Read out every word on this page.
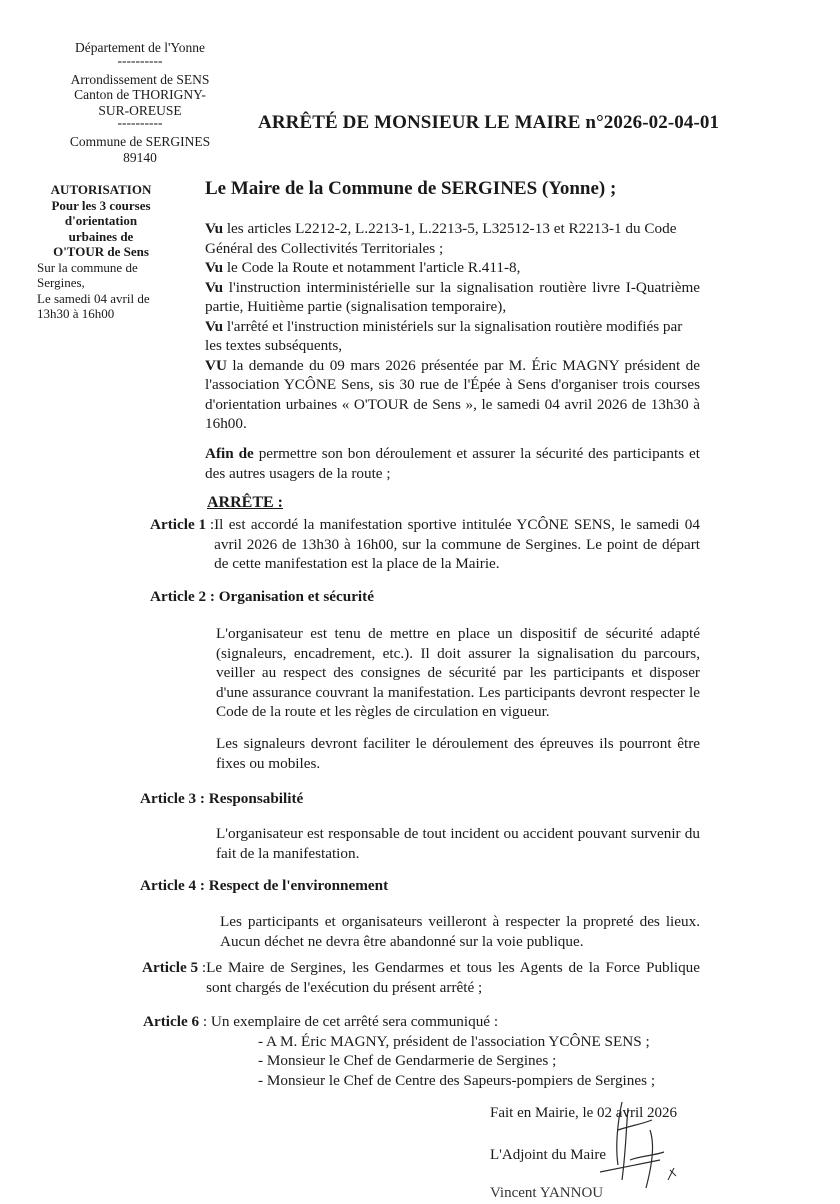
Département de l'Yonne
----------
Arrondissement de SENS
Canton de THORIGNY-
SUR-OREUSE
----------
Commune de SERGINES
89140
ARRÊTÉ DE MONSIEUR LE MAIRE n°2026-02-04-01
AUTORISATION
Pour les 3 courses
d'orientation
urbaines de
O'TOUR de Sens
Sur la commune de
Sergines,
Le samedi 04 avril de
13h30 à 16h00
Le Maire de la Commune de SERGINES (Yonne) ;
Vu les articles L2212-2, L.2213-1, L.2213-5, L32512-13 et R2213-1 du Code Général des Collectivités Territoriales ;
Vu le Code la Route et notamment l'article R.411-8,
Vu l'instruction interministérielle sur la signalisation routière livre I-Quatrième partie, Huitième partie (signalisation temporaire),
Vu l'arrêté et l'instruction ministériels sur la signalisation routière modifiés par les textes subséquents,
VU la demande du 09 mars 2026 présentée par M. Éric MAGNY président de l'association YCÔNE Sens, sis 30 rue de l'Épée à Sens d'organiser trois courses d'orientation urbaines « O'TOUR de Sens », le samedi 04 avril 2026 de 13h30 à 16h00.
Afin de permettre son bon déroulement et assurer la sécurité des participants et des autres usagers de la route ;
ARRÊTE :
Article 1 : Il est accordé la manifestation sportive intitulée YCÔNE SENS, le samedi 04 avril 2026 de 13h30 à 16h00, sur la commune de Sergines. Le point de départ de cette manifestation est la place de la Mairie.
Article 2 : Organisation et sécurité
L'organisateur est tenu de mettre en place un dispositif de sécurité adapté (signaleurs, encadrement, etc.). Il doit assurer la signalisation du parcours, veiller au respect des consignes de sécurité par les participants et disposer d'une assurance couvrant la manifestation. Les participants devront respecter le Code de la route et les règles de circulation en vigueur.
Les signaleurs devront faciliter le déroulement des épreuves ils pourront être fixes ou mobiles.
Article 3 : Responsabilité
L'organisateur est responsable de tout incident ou accident pouvant survenir du fait de la manifestation.
Article 4 : Respect de l'environnement
Les participants et organisateurs veilleront à respecter la propreté des lieux. Aucun déchet ne devra être abandonné sur la voie publique.
Article 5 : Le Maire de Sergines, les Gendarmes et tous les Agents de la Force Publique sont chargés de l'exécution du présent arrêté ;
Article 6 : Un exemplaire de cet arrêté sera communiqué :
- A M. Éric MAGNY, président de l'association YCÔNE SENS ;
- Monsieur le Chef de Gendarmerie de Sergines ;
- Monsieur le Chef de Centre des Sapeurs-pompiers de Sergines ;
Fait en Mairie, le 02 avril 2026
L'Adjoint du Maire
Vincent YANNOU
